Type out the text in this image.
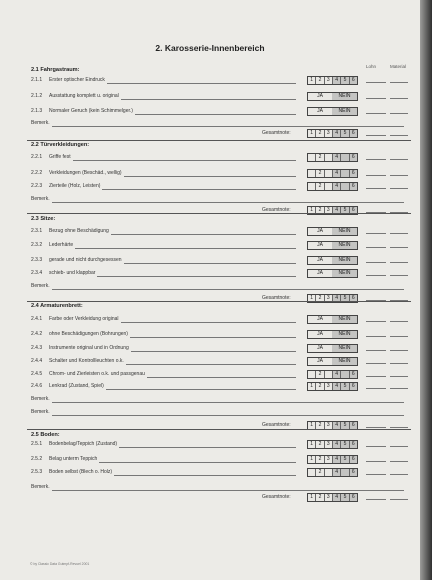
2. Karosserie-Innenbereich
Lohn	Material
2.1 Fahrgastraum:
2.1.1 Erster optischer Eindruck	1	2	3	4	5	6
2.1.2 Ausstattung komplett u. original	JA	NEIN
2.1.3 Normaler Geruch (kein Schimmelger.)	JA	NEIN
Bemerk.
Gesamtnote:	1	2	3	4	5	6
2.2 Türverkleidungen:
2.2.1 Griffe fest	2	4	6
2.2.2 Verkleidungen (Beschäd., wellig)	2	4	6
2.2.3 Zierteile (Holz, Leisten)	2	4	6
Bemerk.
Gesamtnote:	1	2	3	4	5	6
2.3 Sitze:
2.3.1 Bezug ohne Beschädigung	JA	NEIN
2.3.2 Lederhärte	JA	NEIN
2.3.3 gerade und nicht durchgesessen	JA	NEIN
2.3.4 schieb- und klappbar	JA	NEIN
Bemerk.
Gesamtnote:	1	2	3	4	5	6
2.4 Armaturenbrett:
2.4.1 Farbe oder Verkleidung original	JA	NEIN
2.4.2 ohne Beschädigungen (Bohrungen)	JA	NEIN
2.4.3 Instrumente original und in Ordnung	JA	NEIN
2.4.4 Schalter und Kontrollleuchten o.k.	JA	NEIN
2.4.5 Chrom- und Zierleisten o.k. und passgenau	2	4	6
2.4.6 Lenkrad (Zustand, Spiel)	1	2	3	4	5	6
Bemerk.
Bemerk.
Gesamtnote:	1	2	3	4	5	6
2.5 Boden:
2.5.1 Bodenbelag/Teppich (Zustand)	1	2	3	4	5	6
2.5.2 Belag unterm Teppich	1	2	3	4	5	6
2.5.3 Boden selbst (Blech o. Holz)	2	4	6
Bemerk.
Gesamtnote:	1	2	3	4	5	6
© by Classic Data Gutmpf-Revuel 2001
